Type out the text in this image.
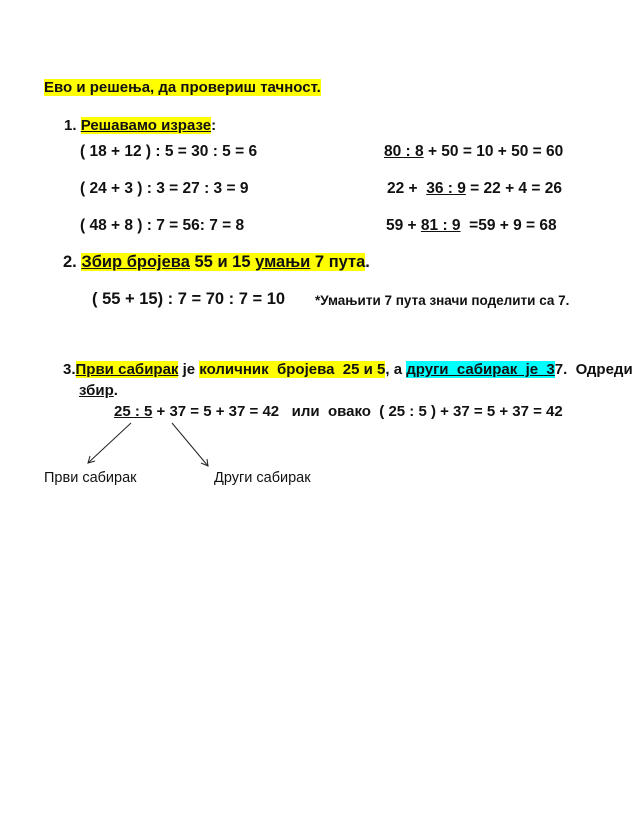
Ево и решења, да провериш тачност.
1. Решавамо изразе:
( 18 + 12 ) : 5 = 30 : 5 = 6
( 24 + 3 ) : 3 = 27 : 3 = 9
( 48 + 8 ) : 7 = 56: 7 = 8
80 : 8 + 50 = 10 + 50 = 60
22 +  36 : 9 = 22 + 4 = 26
59 + 81 : 9  =59 + 9 = 68
2. Збир бројева 55 и 15 умањи 7 пута.
( 55 + 15) : 7 = 70 : 7 = 10 *Умањити 7 пута значи поделити са 7.
3.Први сабирак је количник  бројева  25 и 5, а други  сабирак  је  37.  Одреди
збир.
25 : 5 + 37 = 5 + 37 = 42   или  овако  ( 25 : 5 ) + 37 = 5 + 37 = 42
Први сабирак	Други сабирак
